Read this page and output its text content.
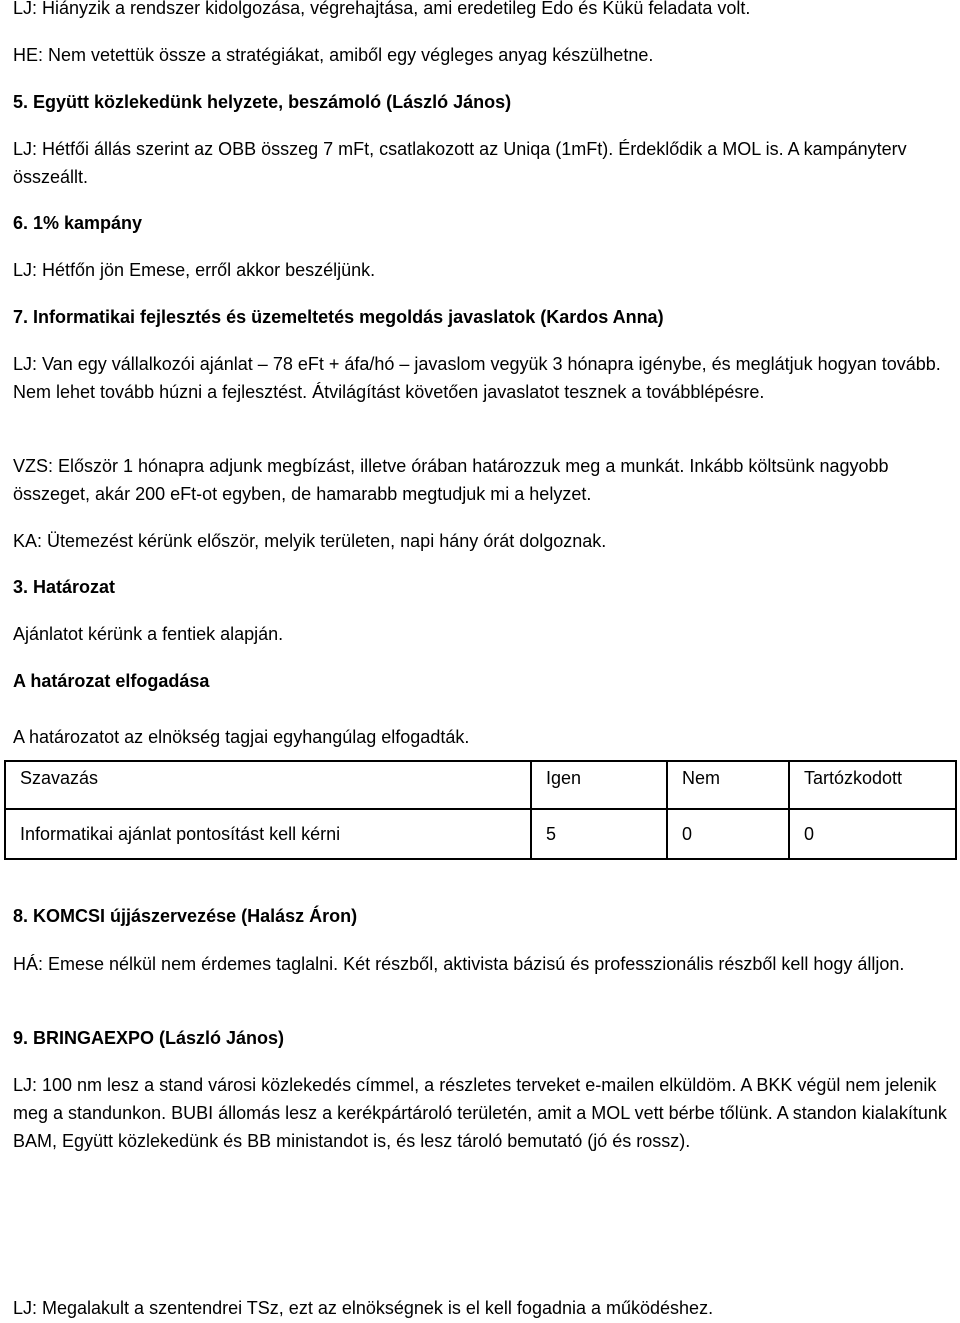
LJ: Hiányzik a rendszer kidolgozása, végrehajtása, ami eredetileg Edo és Kükü feladata volt.

HE: Nem vetettük össze a stratégiákat, amiből egy végleges anyag készülhetne.

5. Együtt közlekedünk helyzete, beszámoló (László János)

LJ: Hétfői állás szerint az OBB összeg 7 mFt, csatlakozott az Uniqa (1mFt). Érdeklődik a MOL is. A kampányterv összeállt.

6. 1% kampány

LJ: Hétfőn jön Emese, erről akkor beszéljünk.

7. Informatikai fejlesztés és üzemeltetés megoldás javaslatok (Kardos Anna)

LJ: Van egy vállalkozói ajánlat – 78 eFt + áfa/hó – javaslom vegyük 3 hónapra igénybe, és meglátjuk hogyan tovább. Nem lehet tovább húzni a fejlesztést. Átvilágítást követően javaslatot tesznek a továbblépésre.

VZS: Először 1 hónapra adjunk megbízást, illetve órában határozzuk meg a munkát. Inkább költsünk nagyobb összeget, akár 200 eFt-ot egyben, de hamarabb megtudjuk mi a helyzet.

KA: Ütemezést kérünk először, melyik területen, napi hány órát dolgoznak.

3. Határozat

Ajánlatot kérünk a fentiek alapján.

A határozat elfogadása

A határozatot az elnökség tagjai egyhangúlag elfogadták.

Szavazás	Igen	Nem	Tartózkodott
Informatikai ajánlat pontosítást kell kérni	5	0	0

8. KOMCSI újjászervezése (Halász Áron)

HÁ: Emese nélkül nem érdemes taglalni. Két részből, aktivista bázisú és professzionális részből kell hogy álljon.

9. BRINGAEXPO (László János)

LJ: 100 nm lesz a stand városi közlekedés címmel, a részletes terveket e-mailen elküldöm. A BKK végül nem jelenik meg a standunkon. BUBI állomás lesz a kerékpártároló területén, amit a MOL vett bérbe tőlünk. A standon kialakítunk BAM, Együtt közlekedünk és BB ministandot is, és lesz tároló bemutató (jó és rossz).

LJ: Megalakult a szentendrei TSz, ezt az elnökségnek is el kell fogadnia a működéshez.
